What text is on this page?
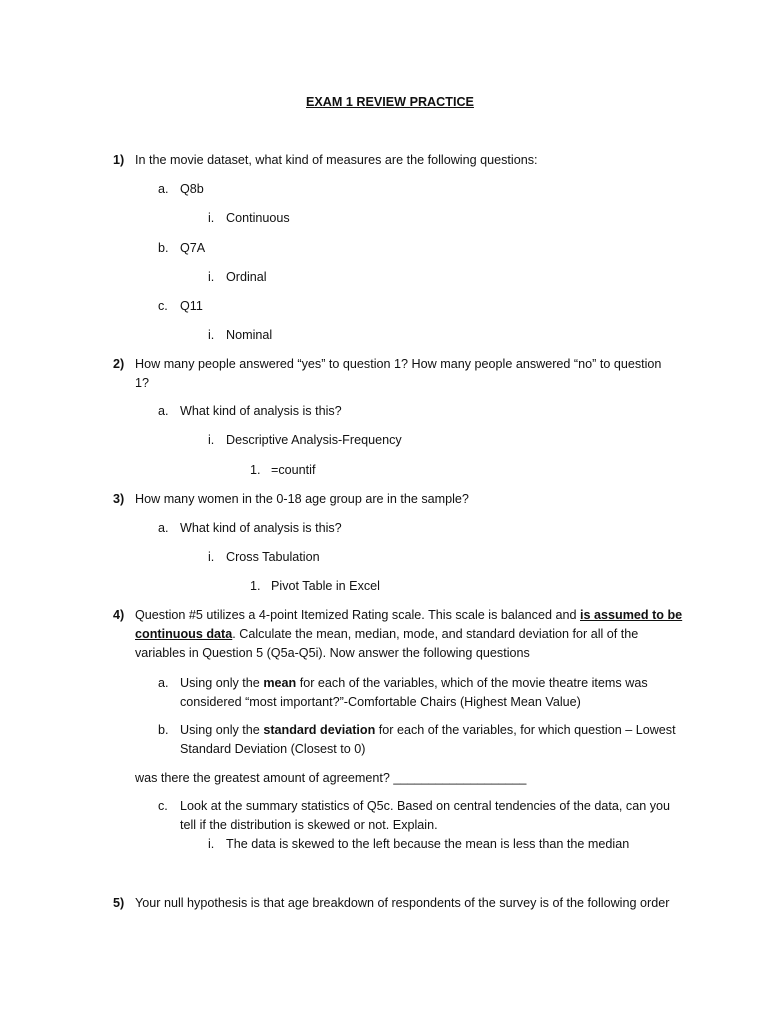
EXAM 1 REVIEW PRACTICE
1) In the movie dataset, what kind of measures are the following questions:
a. Q8b
i. Continuous
b. Q7A
i. Ordinal
c. Q11
i. Nominal
2) How many people answered “yes” to question 1? How many people answered “no” to question
1?
a. What kind of analysis is this?
i. Descriptive Analysis-Frequency
1. =countif
3) How many women in the 0-18 age group are in the sample?
a. What kind of analysis is this?
i. Cross Tabulation
1. Pivot Table in Excel
4) Question #5 utilizes a 4-point Itemized Rating scale. This scale is balanced and is assumed to be
continuous data. Calculate the mean, median, mode, and standard deviation for all of the
variables in Question 5 (Q5a-Q5i). Now answer the following questions
a. Using only the mean for each of the variables, which of the movie theatre items was
considered “most important?”-Comfortable Chairs (Highest Mean Value)
b. Using only the standard deviation for each of the variables, for which question – Lowest
Standard Deviation (Closest to 0)
was there the greatest amount of agreement? ___________________
c. Look at the summary statistics of Q5c. Based on central tendencies of the data, can you
tell if the distribution is skewed or not. Explain.
i. The data is skewed to the left because the mean is less than the median
5) Your null hypothesis is that age breakdown of respondents of the survey is of the following order
